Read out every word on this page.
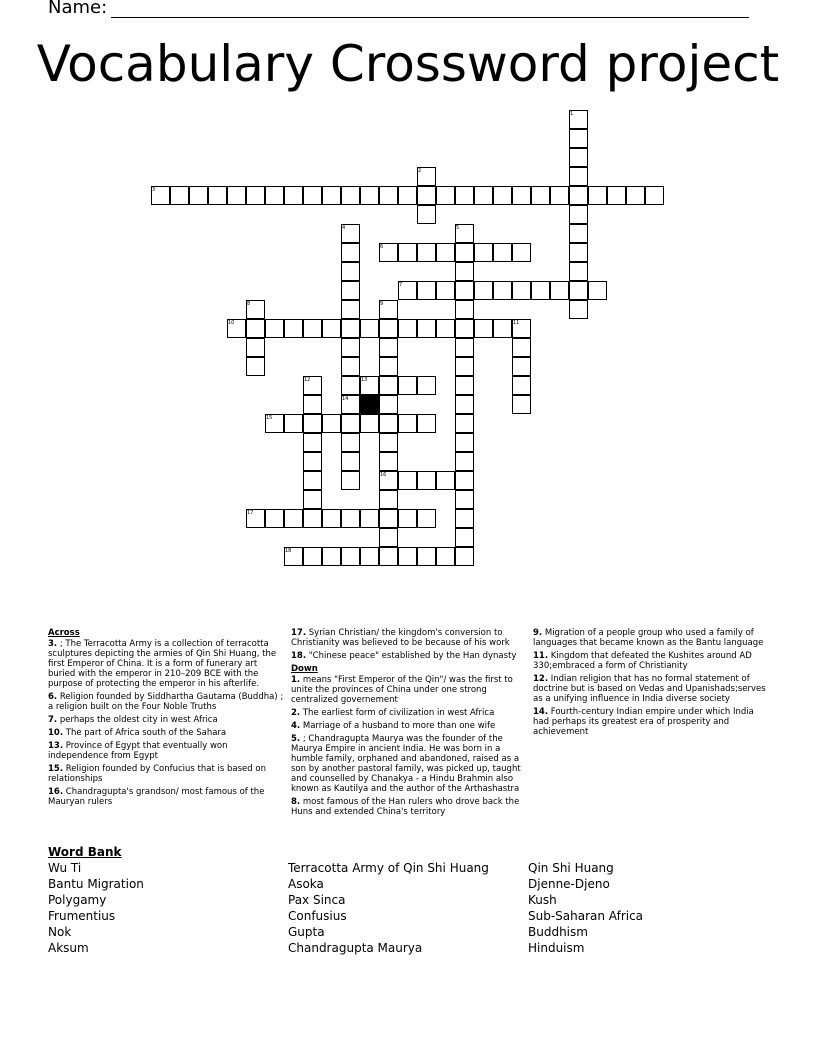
Name:
Vocabulary Crossword project
3
6
7
10
13
15
16
17
18
1
2
4	5
8	9
11
12
14
Across
3. ; The Terracotta Army is a collection of terracotta sculptures depicting the armies of Qin Shi Huang, the first Emperor of China. It is a form of funerary art buried with the emperor in 210–209 BCE with the purpose of protecting the emperor in his afterlife.
6. Religion founded by Siddhartha Gautama (Buddha) ; a religion built on the Four Noble Truths
7. perhaps the oldest city in west Africa
10. The part of Africa south of the Sahara
13. Province of Egypt that eventually won independence from Egypt
15. Religion founded by Confucius that is based on relationships
16. Chandragupta's grandson/ most famous of the Mauryan rulers
17. Syrian Christian/ the kingdom's conversion to Christianity was believed to be because of his work
18. "Chinese peace" established by the Han dynasty
Down
1. means "First Emperor of the Qin"/ was the first to unite the provinces of China under one strong centralized governement
2. The earliest form of civilization in west Africa
4. Marriage of a husband to more than one wife
5. ; Chandragupta Maurya was the founder of the Maurya Empire in ancient India. He was born in a humble family, orphaned and abandoned, raised as a son by another pastoral family, was picked up, taught and counselled by Chanakya - a Hindu Brahmin also known as Kautilya and the author of the Arthashastra
8. most famous of the Han rulers who drove back the Huns and extended China's territory
9. Migration of a people group who used a family of languages that became known as the Bantu language
11. Kingdom that defeated the Kushites around AD 330;embraced a form of Christianity
12. Indian religion that has no formal statement of doctrine but is based on Vedas and Upanishads;serves as a unifying influence in India diverse society
14. Fourth-century Indian empire under which India had perhaps its greatest era of prosperity and achievement
Word Bank
Wu Ti
Bantu Migration
Polygamy
Frumentius
Nok
Aksum
Terracotta Army of Qin Shi Huang
Asoka
Pax Sinca
Confusius
Gupta
Chandragupta Maurya
Qin Shi Huang
Djenne-Djeno
Kush
Sub-Saharan Africa
Buddhism
Hinduism
